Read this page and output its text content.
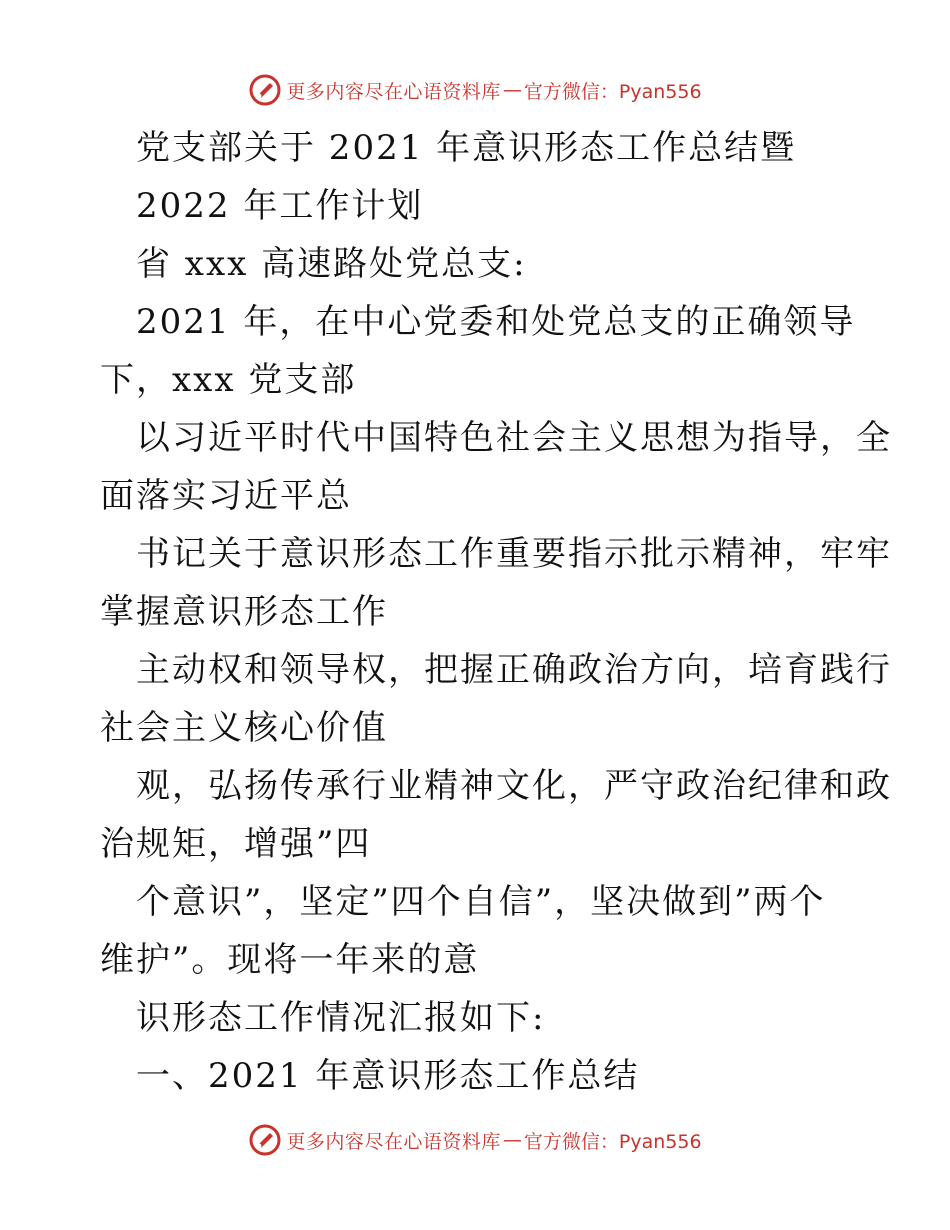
更多内容尽在心语资料库 — 官方微信：Pyan556
党支部关于 2021 年意识形态工作总结暨
2022 年工作计划
省 xxx 高速路处党总支:
2021 年，在中心党委和处党总支的正确领导
下，xxx 党支部
以习近平时代中国特色社会主义思想为指导，全
面落实习近平总
书记关于意识形态工作重要指示批示精神，牢牢
掌握意识形态工作
主动权和领导权，把握正确政治方向，培育践行
社会主义核心价值
观，弘扬传承行业精神文化，严守政治纪律和政
治规矩，增强”四
个意识”，坚定”四个自信”，坚决做到”两个
维护”。现将一年来的意
识形态工作情况汇报如下:
一、2021 年意识形态工作总结
更多内容尽在心语资料库 — 官方微信：Pyan556
